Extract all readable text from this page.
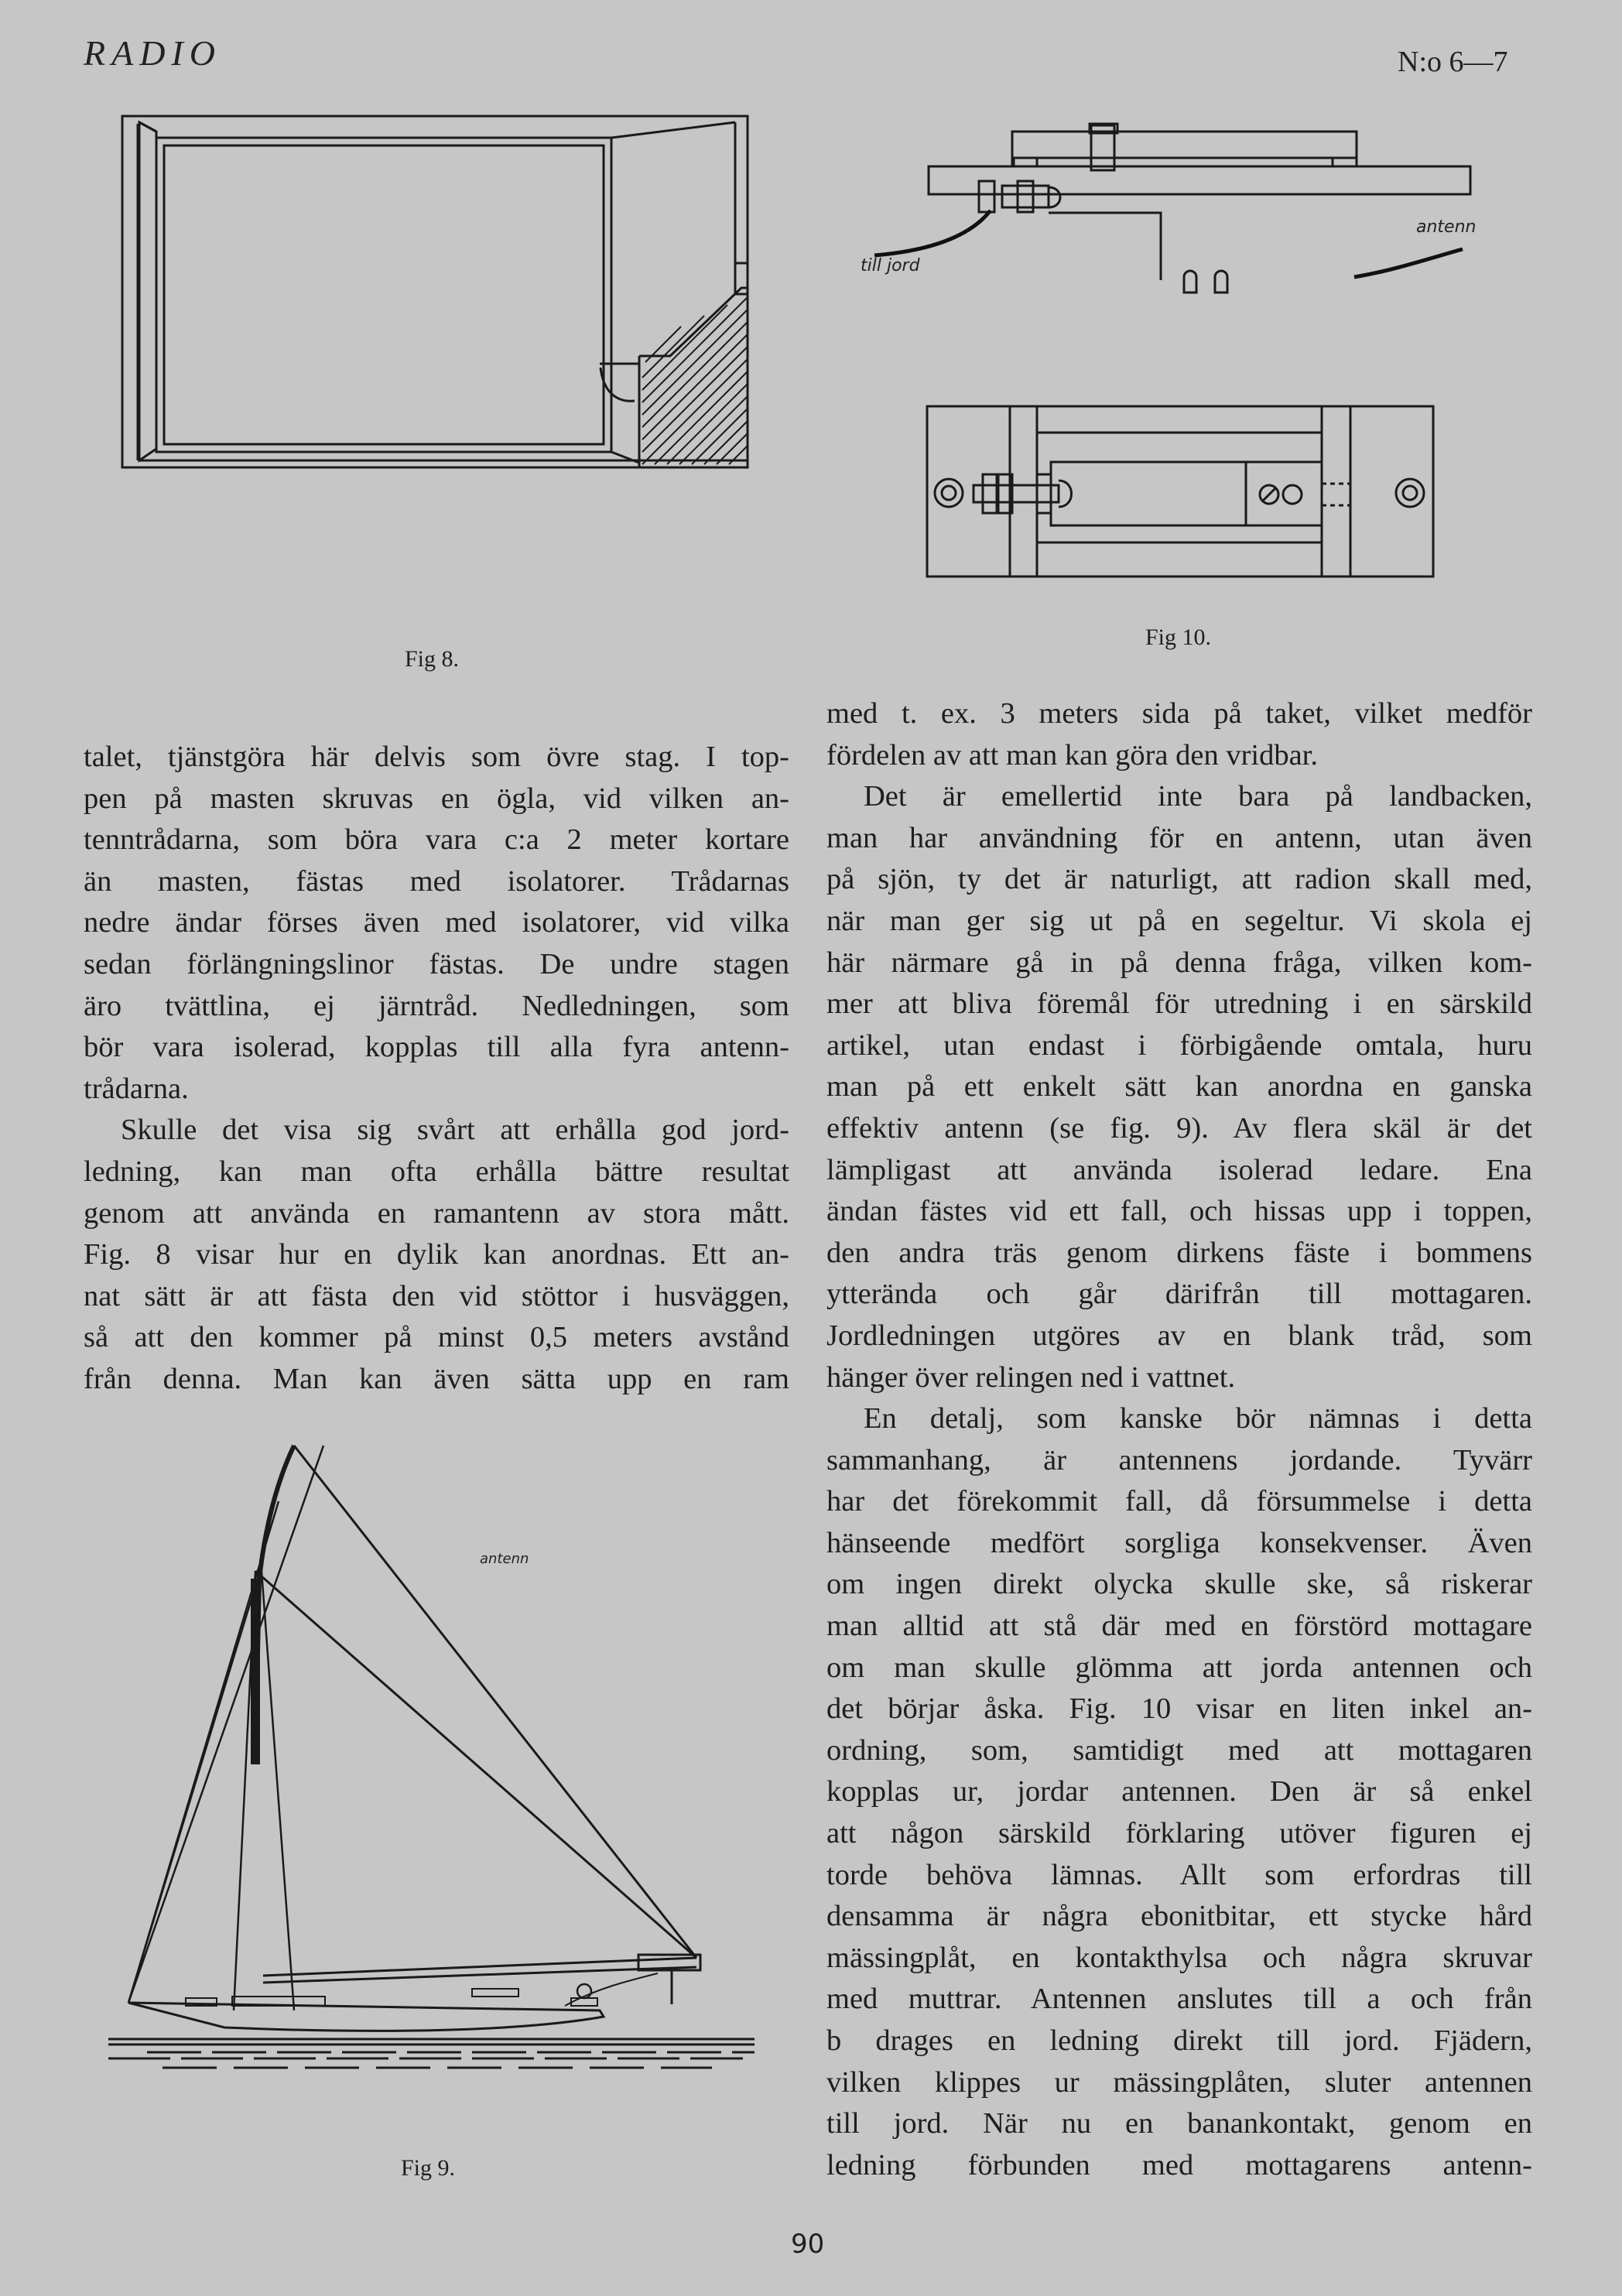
RADIO	N:o 6—7
Fig 8.
till jord
antenn
Fig 10.
talet, tjänstgöra här delvis som övre stag. I top-
pen på masten skruvas en ögla, vid vilken an-
tenntrådarna, som böra vara c:a 2 meter kortare
än masten, fästas med isolatorer. Trådarnas
nedre ändar förses även med isolatorer, vid vilka
sedan förlängningslinor fästas. De undre stagen
äro tvättlina, ej järntråd. Nedledningen, som
bör vara isolerad, kopplas till alla fyra antenn-
trådarna.
Skulle det visa sig svårt att erhålla god jord-
ledning, kan man ofta erhålla bättre resultat
genom att använda en ramantenn av stora mått.
Fig. 8 visar hur en dylik kan anordnas. Ett an-
nat sätt är att fästa den vid stöttor i husväggen,
så att den kommer på minst 0,5 meters avstånd
från denna. Man kan även sätta upp en ram
med t. ex. 3 meters sida på taket, vilket medför
fördelen av att man kan göra den vridbar.
Det är emellertid inte bara på landbacken,
man har användning för en antenn, utan även
på sjön, ty det är naturligt, att radion skall med,
när man ger sig ut på en segeltur. Vi skola ej
här närmare gå in på denna fråga, vilken kom-
mer att bliva föremål för utredning i en särskild
artikel, utan endast i förbigående omtala, huru
man på ett enkelt sätt kan anordna en ganska
effektiv antenn (se fig. 9). Av flera skäl är det
lämpligast att använda isolerad ledare. Ena
ändan fästes vid ett fall, och hissas upp i toppen,
den andra träs genom dirkens fäste i bommens
ytterända och går därifrån till mottagaren.
Jordledningen utgöres av en blank tråd, som
hänger över relingen ned i vattnet.
En detalj, som kanske bör nämnas i detta
sammanhang, är antennens jordande. Tyvärr
har det förekommit fall, då försummelse i detta
hänseende medfört sorgliga konsekvenser. Även
om ingen direkt olycka skulle ske, så riskerar
man alltid att stå där med en förstörd mottagare
om man skulle glömma att jorda antennen och
det börjar åska. Fig. 10 visar en liten inkel an-
ordning, som, samtidigt med att mottagaren
kopplas ur, jordar antennen. Den är så enkel
att någon särskild förklaring utöver figuren ej
torde behöva lämnas. Allt som erfordras till
densamma är några ebonitbitar, ett stycke hård
mässingplåt, en kontakthylsa och några skruvar
med muttrar. Antennen anslutes till a och från
b drages en ledning direkt till jord. Fjädern,
vilken klippes ur mässingplåten, sluter antennen
till jord. När nu en banankontakt, genom en
ledning förbunden med mottagarens antenn-
antenn
Fig 9.
90
